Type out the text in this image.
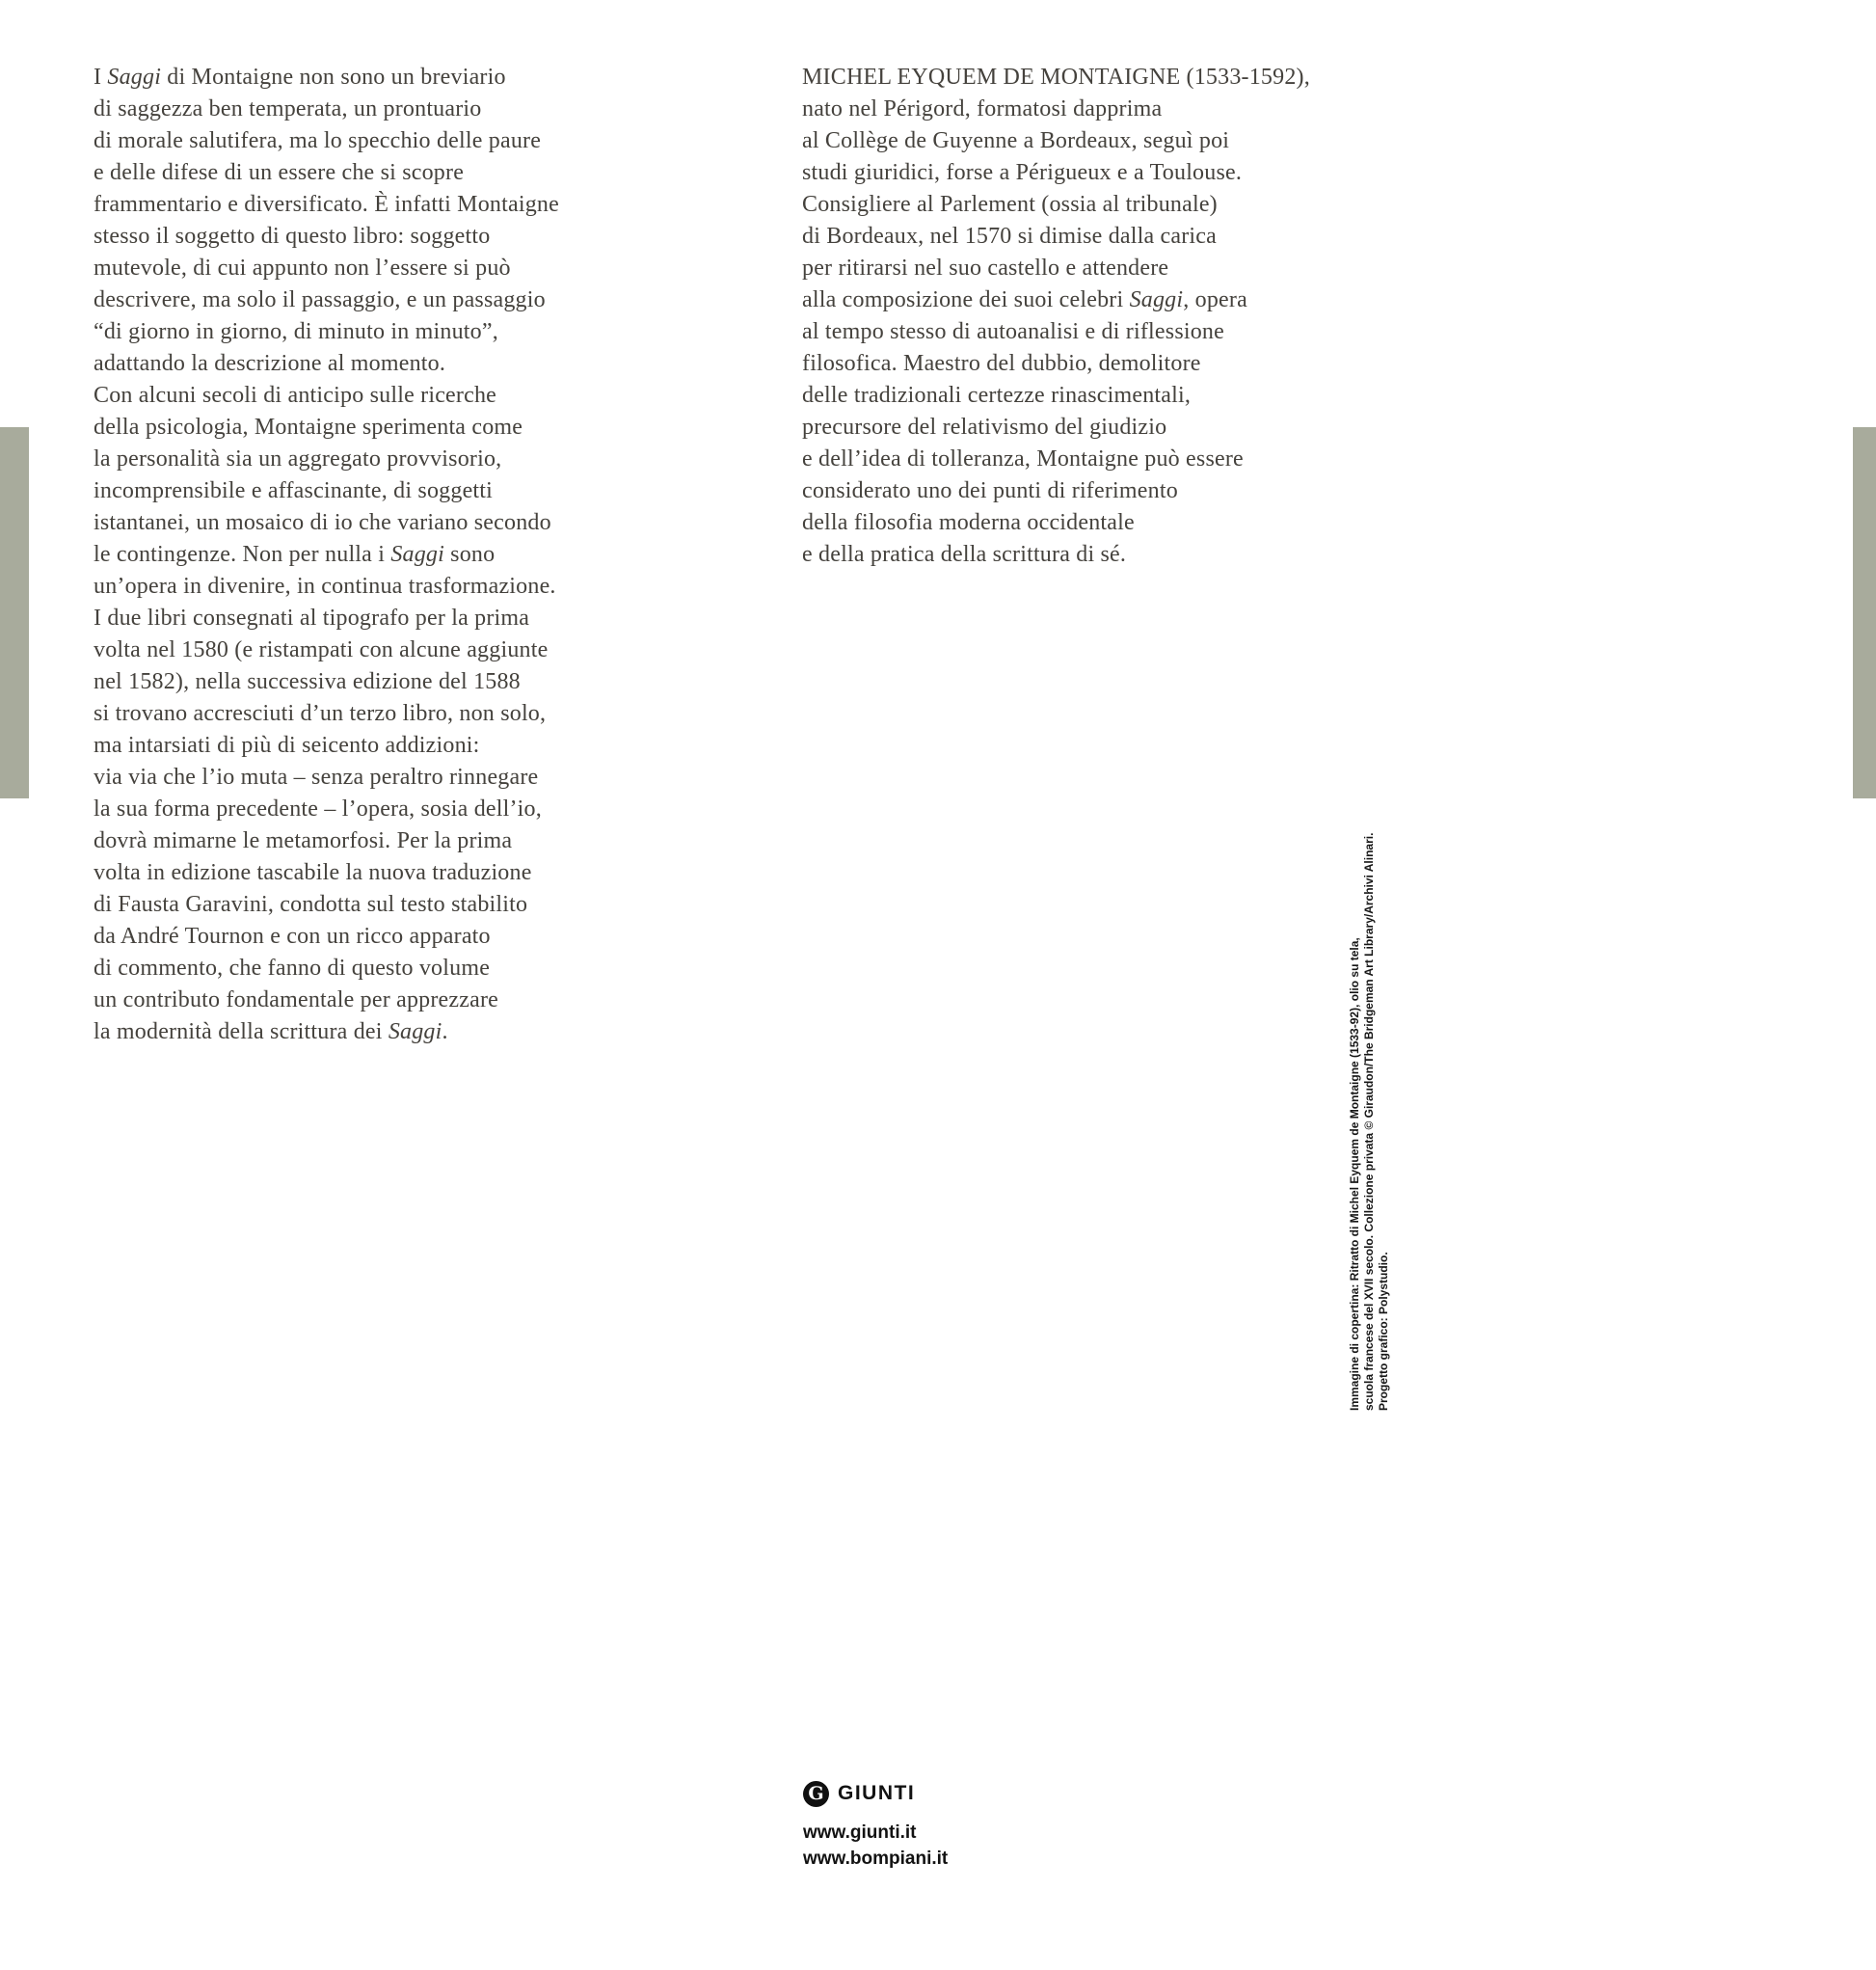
I Saggi di Montaigne non sono un breviario
di saggezza ben temperata, un prontuario
di morale salutifera, ma lo specchio delle paure
e delle difese di un essere che si scopre
frammentario e diversificato. È infatti Montaigne
stesso il soggetto di questo libro: soggetto
mutevole, di cui appunto non l’essere si può
descrivere, ma solo il passaggio, e un passaggio
“di giorno in giorno, di minuto in minuto”,
adattando la descrizione al momento.
Con alcuni secoli di anticipo sulle ricerche
della psicologia, Montaigne sperimenta come
la personalità sia un aggregato provvisorio,
incomprensibile e affascinante, di soggetti
istantanei, un mosaico di io che variano secondo
le contingenze. Non per nulla i Saggi sono
un’opera in divenire, in continua trasformazione.
I due libri consegnati al tipografo per la prima
volta nel 1580 (e ristampati con alcune aggiunte
nel 1582), nella successiva edizione del 1588
si trovano accresciuti d’un terzo libro, non solo,
ma intarsiati di più di seicento addizioni:
via via che l’io muta – senza peraltro rinnegare
la sua forma precedente – l’opera, sosia dell’io,
dovrà mimarne le metamorfosi. Per la prima
volta in edizione tascabile la nuova traduzione
di Fausta Garavini, condotta sul testo stabilito
da André Tournon e con un ricco apparato
di commento, che fanno di questo volume
un contributo fondamentale per apprezzare
la modernità della scrittura dei Saggi.
MICHEL EYQUEM DE MONTAIGNE (1533-1592),
nato nel Périgord, formatosi dapprima
al Collège de Guyenne a Bordeaux, seguì poi
studi giuridici, forse a Périgueux e a Toulouse.
Consigliere al Parlement (ossia al tribunale)
di Bordeaux, nel 1570 si dimise dalla carica
per ritirarsi nel suo castello e attendere
alla composizione dei suoi celebri Saggi, opera
al tempo stesso di autoanalisi e di riflessione
filosofica. Maestro del dubbio, demolitore
delle tradizionali certezze rinascimentali,
precursore del relativismo del giudizio
e dell’idea di tolleranza, Montaigne può essere
considerato uno dei punti di riferimento
della filosofia moderna occidentale
e della pratica della scrittura di sé.
Immagine di copertina: Ritratto di Michel Eyquem de Montaigne (1533-92), olio su tela, scuola francese del XVII secolo. Collezione privata © Giraudon/The Bridgeman Art Library/Archivi Alinari. Progetto grafico: Polystudio.
G GIUNTI
www.giunti.it
www.bompiani.it
